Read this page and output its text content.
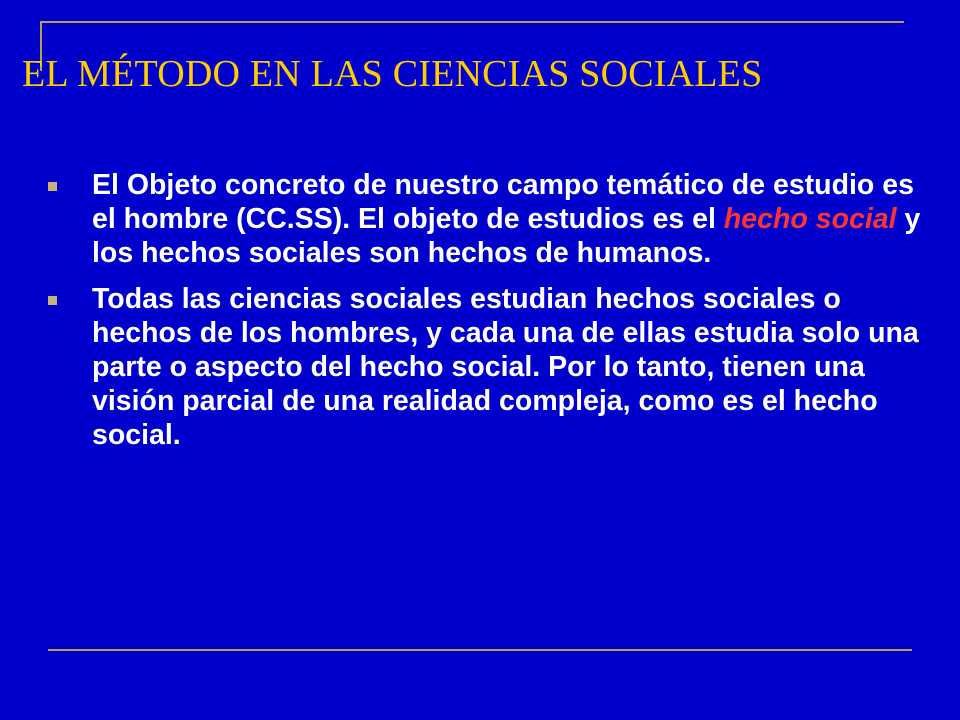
EL MÉTODO EN LAS CIENCIAS SOCIALES
El Objeto concreto de nuestro campo temático de estudio es el hombre (CC.SS). El objeto de estudios es el hecho social y los hechos sociales son hechos de humanos.
Todas las ciencias sociales estudian hechos sociales o hechos de los hombres, y cada una de ellas estudia solo una parte o aspecto del hecho social. Por lo tanto, tienen una visión parcial de una realidad compleja, como es el hecho social.
